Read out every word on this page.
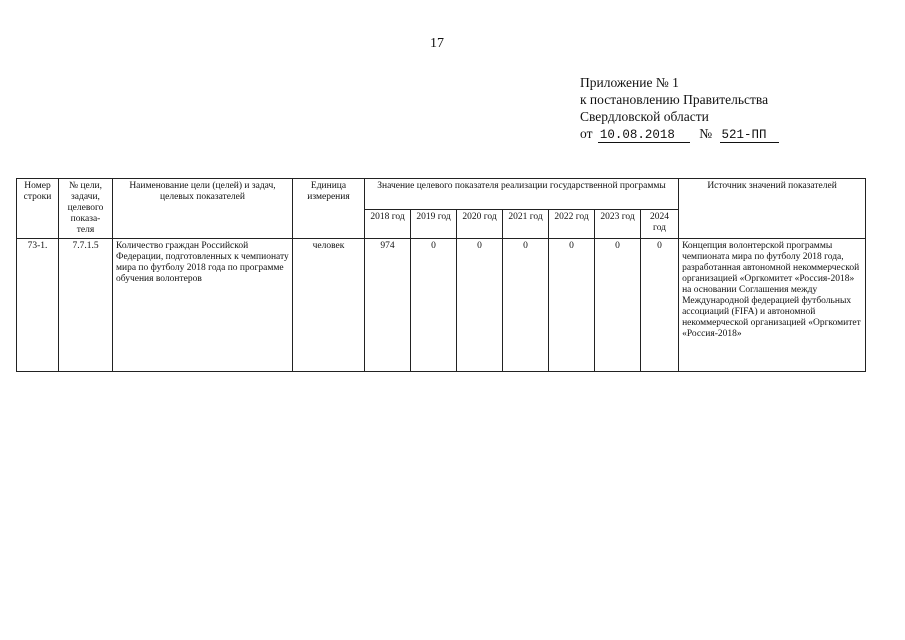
17
Приложение № 1
к постановлению Правительства
Свердловской области
от 10.08.2018 № 521-ПП
Номер строки	№ цели, задачи, целевого показа-теля	Наименование цели (целей) и задач, целевых показателей	Единица измерения	Значение целевого показателя реализации государственной программы							Источник значений показателей
				2018 год	2019 год	2020 год	2021 год	2022 год	2023 год	2024 год	
73-1.	7.7.1.5	Количество граждан Российской Федерации, подготовленных к чемпионату мира по футболу 2018 года по программе обучения волонтеров	человек	974	0	0	0	0	0	0	Концепция волонтерской программы чемпионата мира по футболу 2018 года, разработанная автономной некоммерческой организацией «Оргкомитет «Россия-2018» на основании Соглашения между Международной федерацией футбольных ассоциаций (FIFA) и автономной некоммерческой организацией «Оргкомитет «Россия-2018»
